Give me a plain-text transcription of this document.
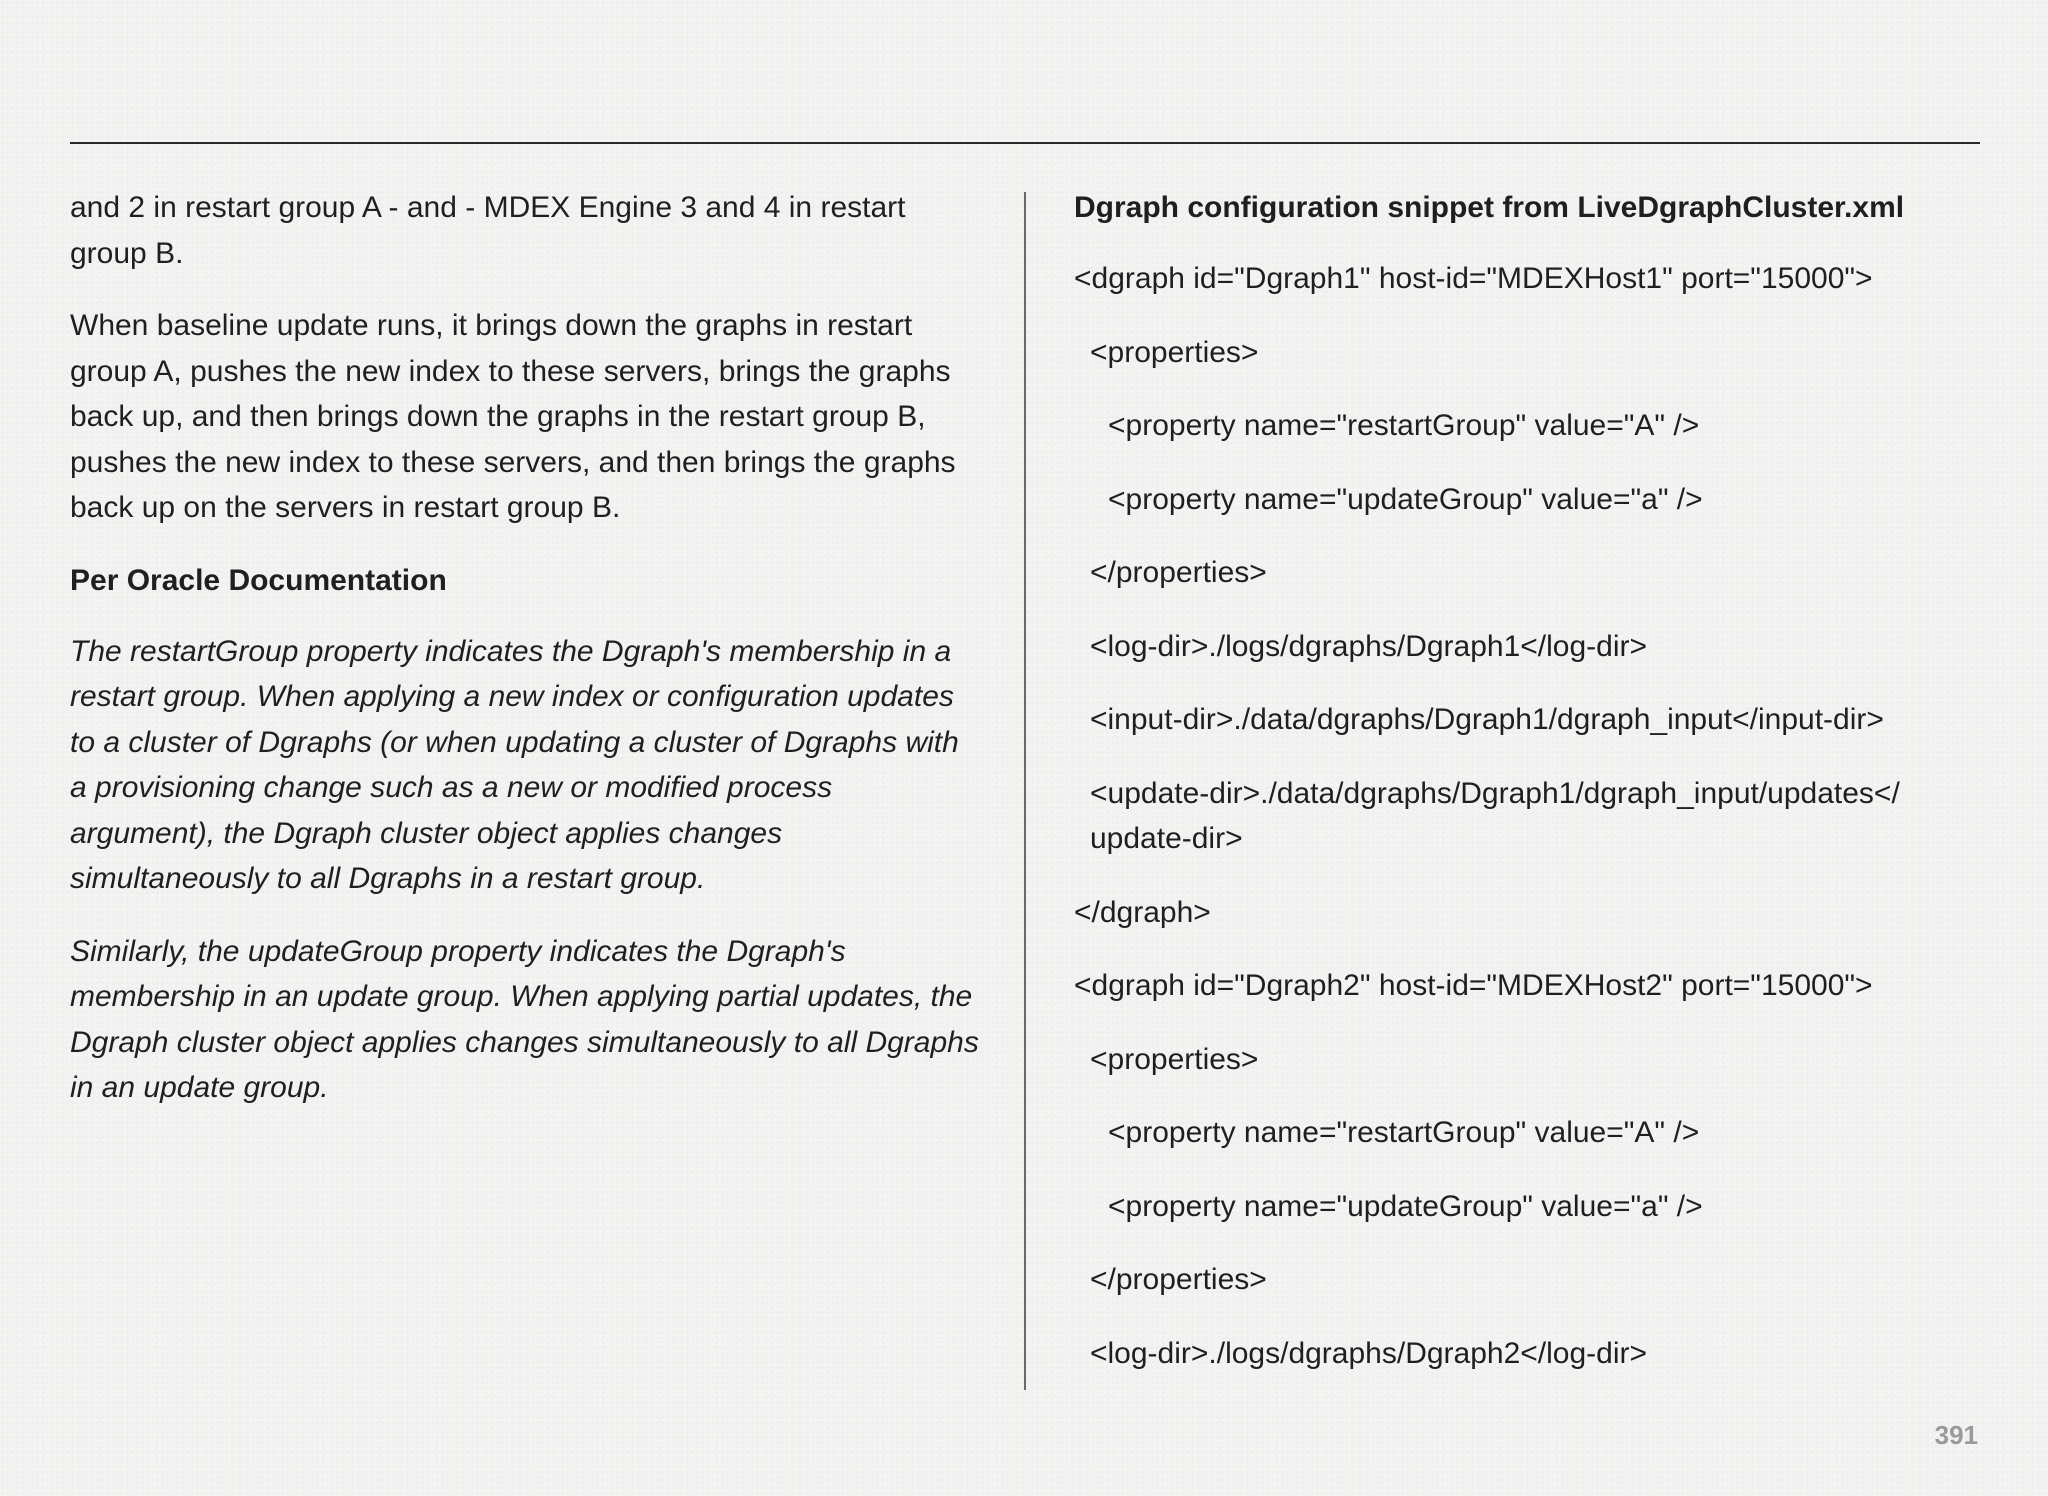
and 2 in restart group A - and - MDEX Engine 3 and 4 in restart group B.

When baseline update runs, it brings down the graphs in restart group A, pushes the new index to these servers, brings the graphs back up, and then brings down the graphs in the restart group B, pushes the new index to these servers, and then brings the graphs back up on the servers in restart group B.

Per Oracle Documentation

The restartGroup property indicates the Dgraph's membership in a restart group. When applying a new index or configuration updates to a cluster of Dgraphs (or when updating a cluster of Dgraphs with a provisioning change such as a new or modified process argument), the Dgraph cluster object applies changes simultaneously to all Dgraphs in a restart group.

Similarly, the updateGroup property indicates the Dgraph's membership in an update group. When applying partial updates, the Dgraph cluster object applies changes simultaneously to all Dgraphs in an update group.

Dgraph configuration snippet from LiveDgraphCluster.xml

<dgraph id="Dgraph1" host-id="MDEXHost1" port="15000">
<properties>
<property name="restartGroup" value="A" />
<property name="updateGroup" value="a" />
</properties>
<log-dir>./logs/dgraphs/Dgraph1</log-dir>
<input-dir>./data/dgraphs/Dgraph1/dgraph_input</input-dir>
<update-dir>./data/dgraphs/Dgraph1/dgraph_input/updates</ update-dir>
</dgraph>
<dgraph id="Dgraph2" host-id="MDEXHost2" port="15000">
<properties>
<property name="restartGroup" value="A" />
<property name="updateGroup" value="a" />
</properties>
<log-dir>./logs/dgraphs/Dgraph2</log-dir>
391
